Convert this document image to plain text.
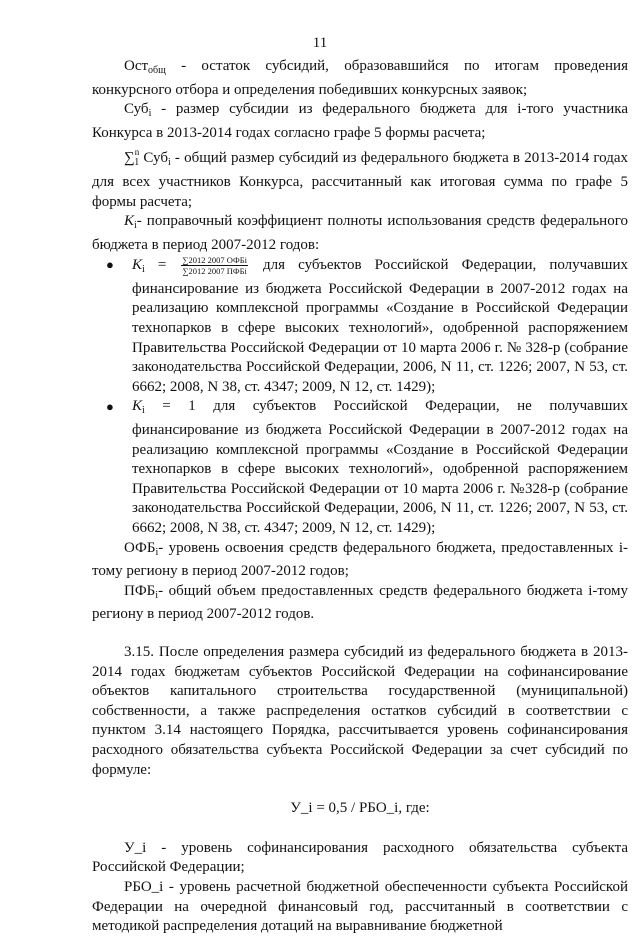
11

Ост$_{общ}$ - остаток субсидий, образовавшийся по итогам проведения конкурсного отбора и определения победивших конкурсных заявок;

Суб$_i$ - размер субсидии из федерального бюджета для i-того участника Конкурса в 2013-2014 годах согласно графе 5 формы расчета;

∑$^n_1$ Суб$_i$ - общий размер субсидий из федерального бюджета в 2013-2014 годах для всех участников Конкурса, рассчитанный как итоговая сумма по графе 5 формы расчета;

$K_i-$ поправочный коэффициент полноты использования средств федерального бюджета в период 2007-2012 годов:

● $K_i = \frac{\text{∑2012 2007 ОФБi}}{\text{∑2012 2007 ПФБi}}$ для субъектов Российской Федерации, получавших финансирование из бюджета Российской Федерации в 2007-2012 годах на реализацию комплексной программы «Создание в Российской Федерации технопарков в сфере высоких технологий», одобренной распоряжением Правительства Российской Федерации от 10 марта 2006 г. № 328-р (собрание законодательства Российской Федерации, 2006, N 11, ст. 1226; 2007, N 53, ст. 6662; 2008, N 38, ст. 4347; 2009, N 12, ст. 1429);
● $K_i = 1$ для субъектов Российской Федерации, не получавших финансирование из бюджета Российской Федерации в 2007-2012 годах на реализацию комплексной программы «Создание в Российской Федерации технопарков в сфере высоких технологий», одобренной распоряжением Правительства Российской Федерации от 10 марта 2006 г. №328-р (собрание законодательства Российской Федерации, 2006, N 11, ст. 1226; 2007, N 53, ст. 6662; 2008, N 38, ст. 4347; 2009, N 12, ст. 1429);

$ОФБ_i-$ уровень освоения средств федерального бюджета, предоставленных i-тому региону в период 2007-2012 годов;

$ПФБ_i-$ общий объем предоставленных средств федерального бюджета i-тому региону в период 2007-2012 годов.

3.15. После определения размера субсидий из федерального бюджета в 2013-2014 годах бюджетам субъектов Российской Федерации на софинансирование объектов капитального строительства государственной (муниципальной) собственности, а также распределения остатков субсидий в соответствии с пунктом 3.14 настоящего Порядка, рассчитывается уровень софинансирования расходного обязательства субъекта Российской Федерации за счет субсидий по формуле:

У_i = 0,5 / РБО_i, где:

У_i - уровень софинансирования расходного обязательства субъекта Российской Федерации;

РБО_i - уровень расчетной бюджетной обеспеченности субъекта Российской Федерации на очередной финансовый год, рассчитанный в соответствии с методикой распределения дотаций на выравнивание бюджетной
